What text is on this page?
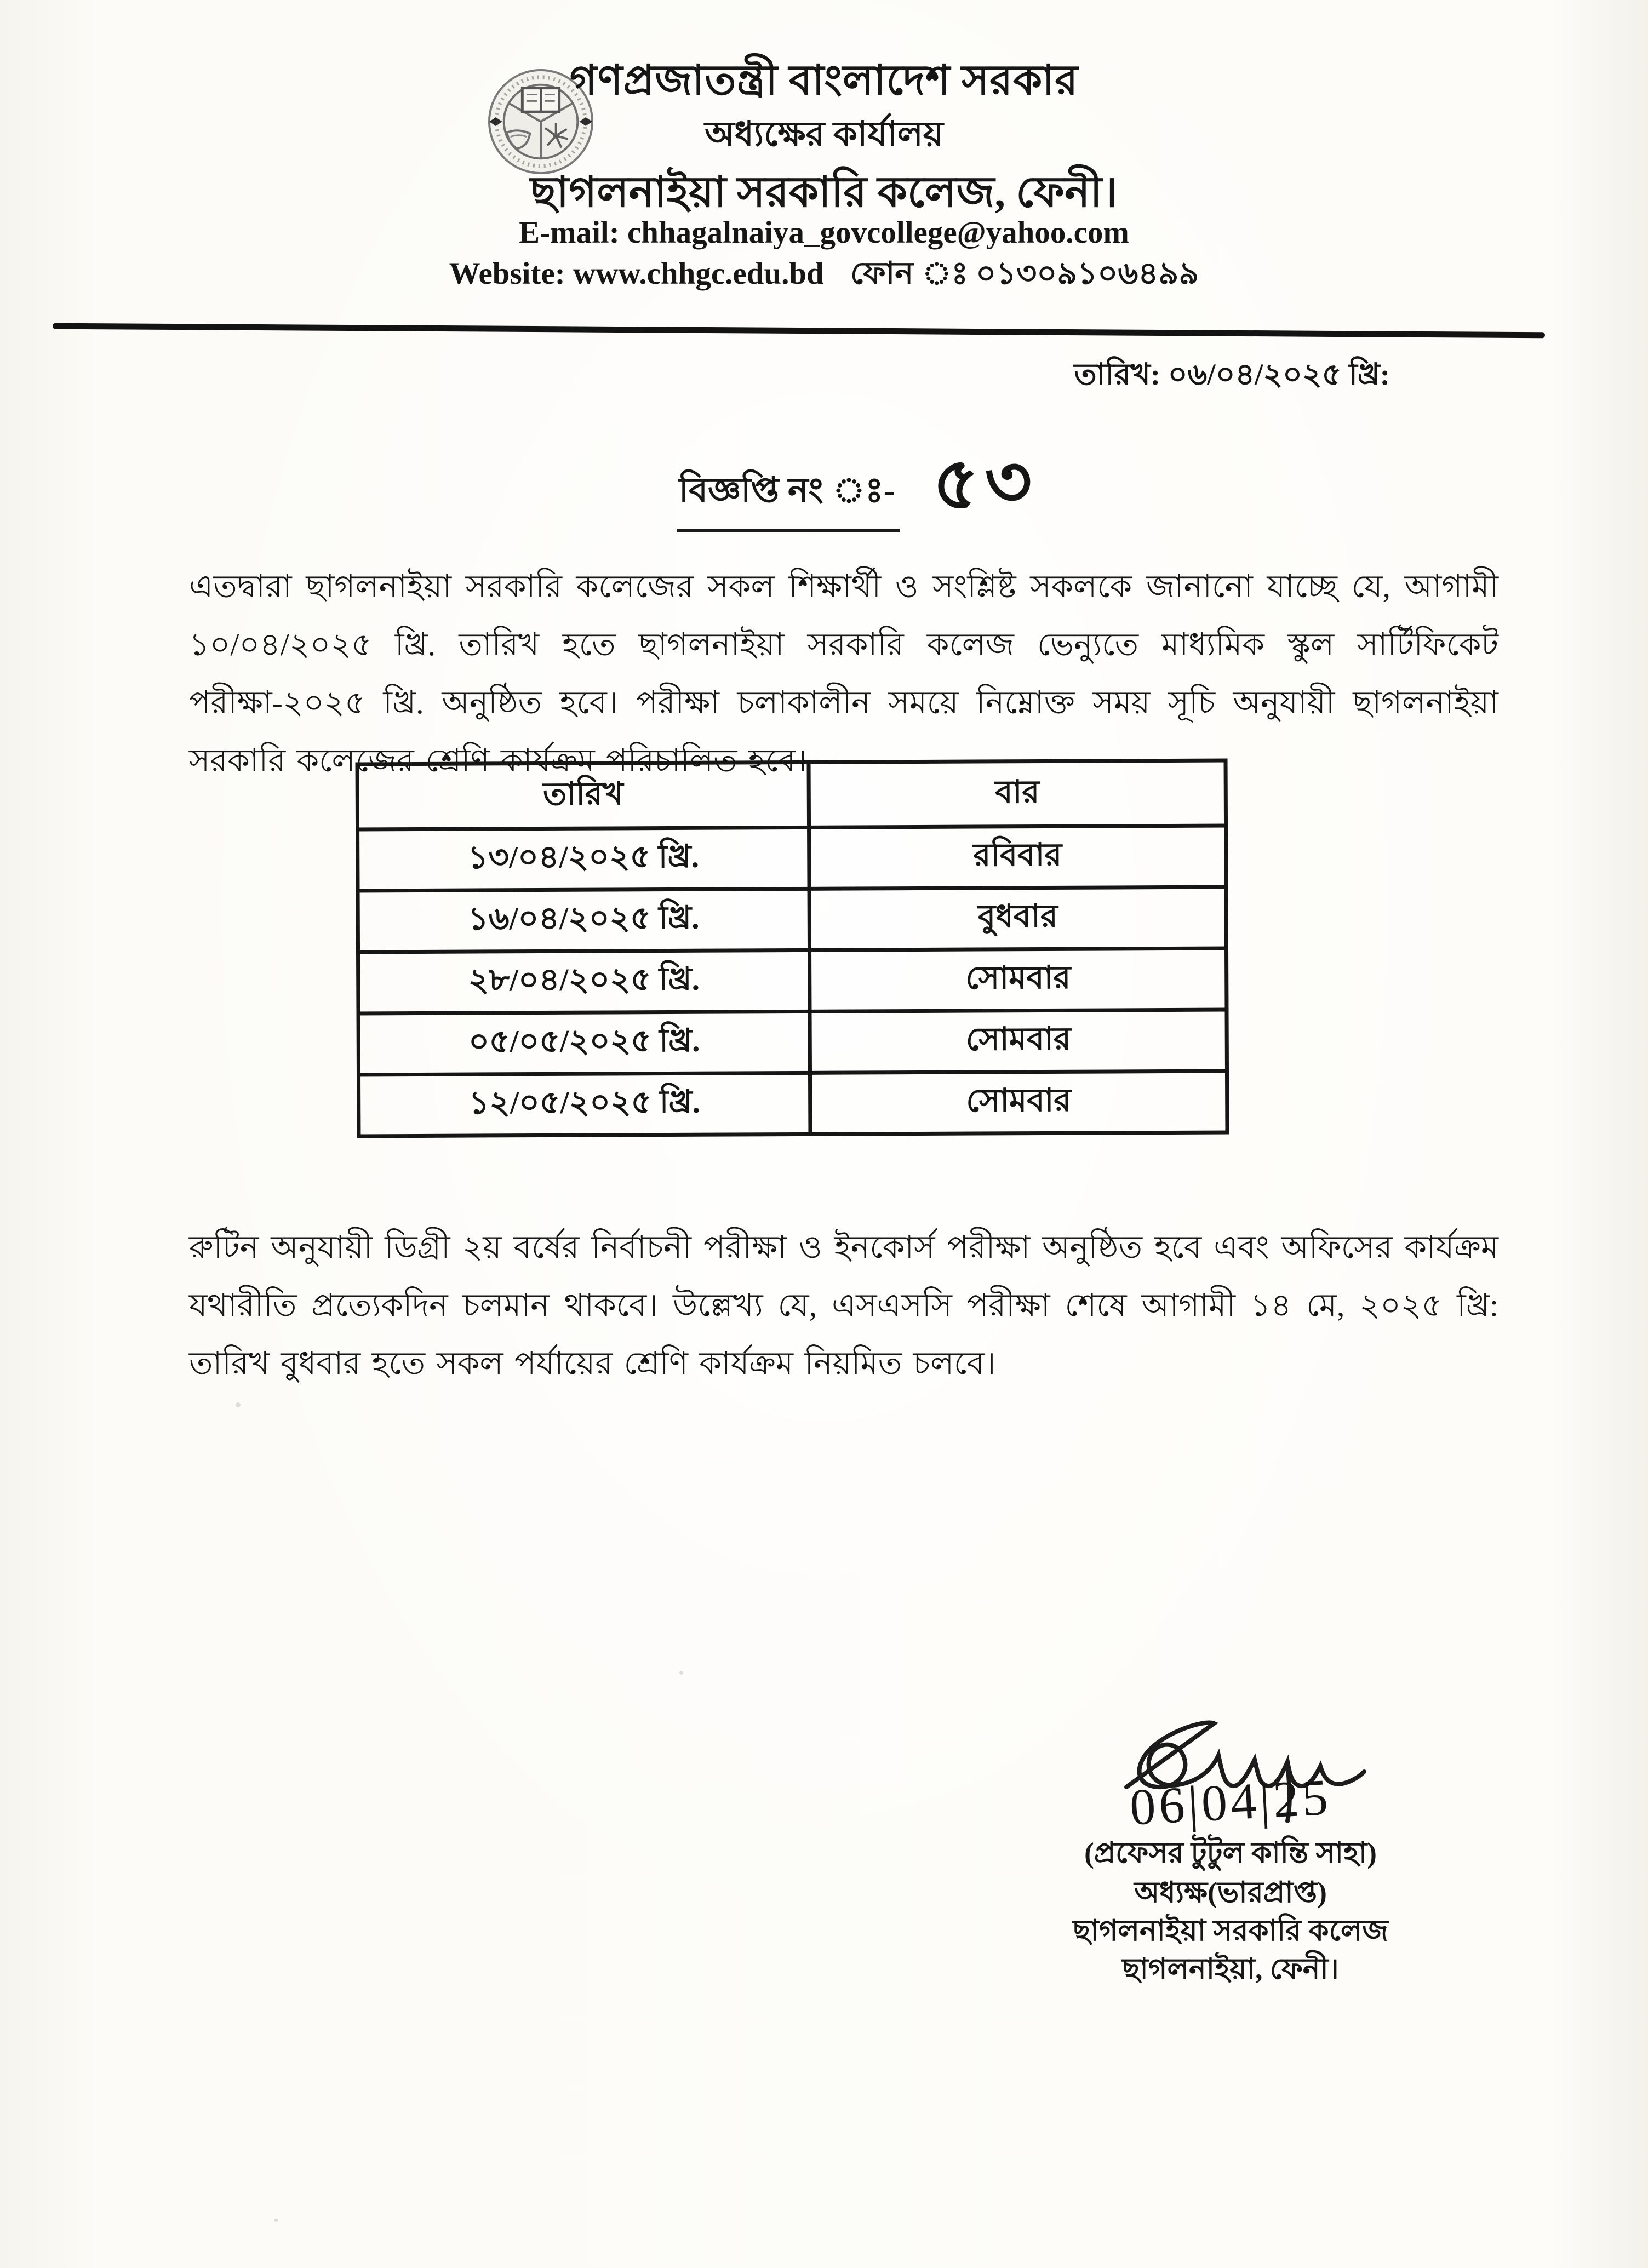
গণপ্রজাতন্ত্রী বাংলাদেশ সরকার
অধ্যক্ষের কার্যালয়
ছাগলনাইয়া সরকারি কলেজ, ফেনী।
E-mail: chhagalnaiya_govcollege@yahoo.com
Website: www.chhgc.edu.bd ফোন ঃ ০১৩০৯১০৬৪৯৯
তারিখ: ০৬/০৪/২০২৫ খ্রি:
বিজ্ঞপ্তি নং ঃ- ৫৩

এতদ্বারা ছাগলনাইয়া সরকারি কলেজের সকল শিক্ষার্থী ও সংশ্লিষ্ট সকলকে জানানো যাচ্ছে যে, আগামী ১০/০৪/২০২৫ খ্রি. তারিখ হতে ছাগলনাইয়া সরকারি কলেজ ভেন্যুতে মাধ্যমিক স্কুল সার্টিফিকেট পরীক্ষা-২০২৫ খ্রি. অনুষ্ঠিত হবে। পরীক্ষা চলাকালীন সময়ে নিম্নোক্ত সময় সূচি অনুযায়ী ছাগলনাইয়া সরকারি কলেজের শ্রেণি কার্যক্রম পরিচালিত হবে।

তারিখ	বার
১৩/০৪/২০২৫ খ্রি.	রবিবার
১৬/০৪/২০২৫ খ্রি.	বুধবার
২৮/০৪/২০২৫ খ্রি.	সোমবার
০৫/০৫/২০২৫ খ্রি.	সোমবার
১২/০৫/২০২৫ খ্রি.	সোমবার

রুটিন অনুযায়ী ডিগ্রী ২য় বর্ষের নির্বাচনী পরীক্ষা ও ইনকোর্স পরীক্ষা অনুষ্ঠিত হবে এবং অফিসের কার্যক্রম যথারীতি প্রত্যেকদিন চলমান থাকবে। উল্লেখ্য যে, এসএসসি পরীক্ষা শেষে আগামী ১৪ মে, ২০২৫ খ্রি: তারিখ বুধবার হতে সকল পর্যায়ের শ্রেণি কার্যক্রম নিয়মিত চলবে।

06|04|25
(প্রফেসর টুটুল কান্তি সাহা)
অধ্যক্ষ(ভারপ্রাপ্ত)
ছাগলনাইয়া সরকারি কলেজ
ছাগলনাইয়া, ফেনী।
